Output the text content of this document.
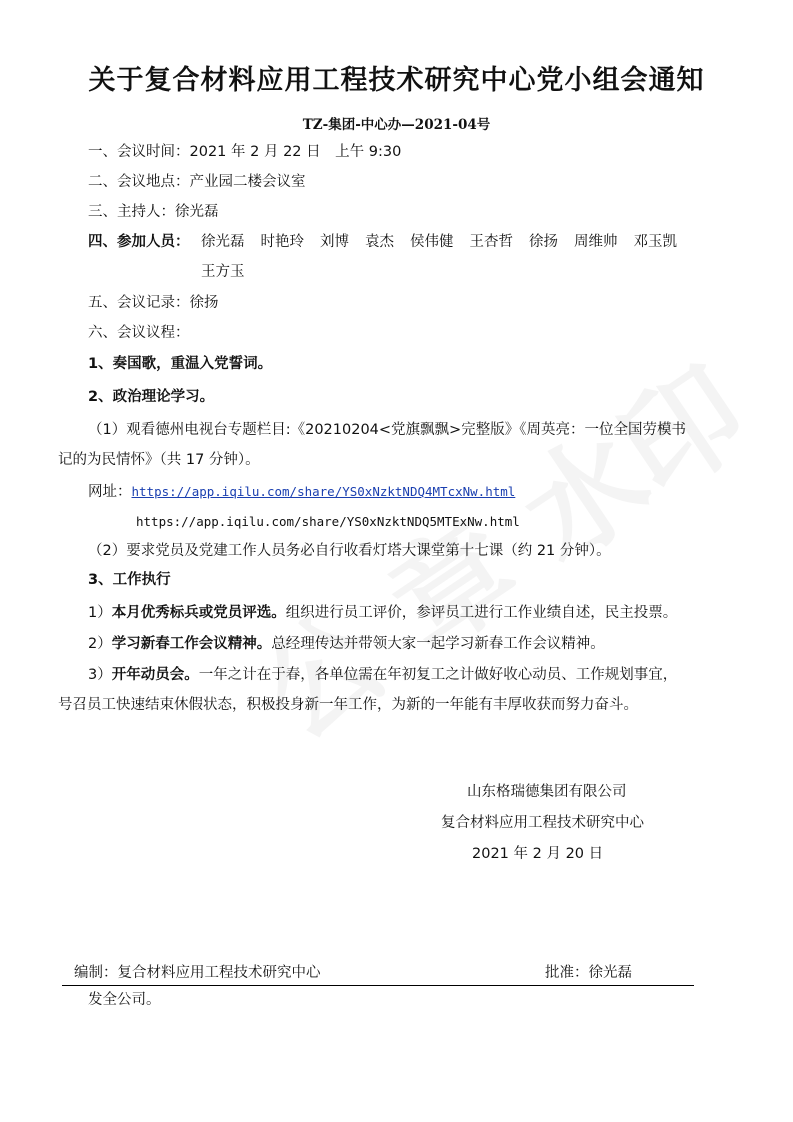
关于复合材料应用工程技术研究中心党小组会通知
TZ-集团-中心办—2021-04号
一、会议时间：2021 年 2 月 22 日　上午 9:30
二、会议地点：产业园二楼会议室
三、主持人：徐光磊
四、参加人员： 徐光磊 时艳玲 刘博 袁杰 侯伟健 王杏哲 徐扬 周维帅 邓玉凯
王方玉
五、会议记录：徐扬
六、会议议程：
1、奏国歌，重温入党誓词。
2、政治理论学习。
（1）观看德州电视台专题栏目:《20210204<党旗飘飘>完整版》《周英亮：一位全国劳模书
记的为民情怀》（共 17 分钟）。
网址：https://app.iqilu.com/share/YS0xNzktNDQ4MTcxNw.html
https://app.iqilu.com/share/YS0xNzktNDQ5MTExNw.html
（2）要求党员及党建工作人员务必自行收看灯塔大课堂第十七课（约 21 分钟）。
3、工作执行
1）本月优秀标兵或党员评选。组织进行员工评价，参评员工进行工作业绩自述，民主投票。
2）学习新春工作会议精神。总经理传达并带领大家一起学习新春工作会议精神。
3）开年动员会。一年之计在于春，各单位需在年初复工之计做好收心动员、工作规划事宜，
号召员工快速结束休假状态，积极投身新一年工作，为新的一年能有丰厚收获而努力奋斗。
山东格瑞德集团有限公司
复合材料应用工程技术研究中心
2021 年 2 月 20 日
编制：复合材料应用工程技术研究中心	批准：徐光磊
发全公司。
